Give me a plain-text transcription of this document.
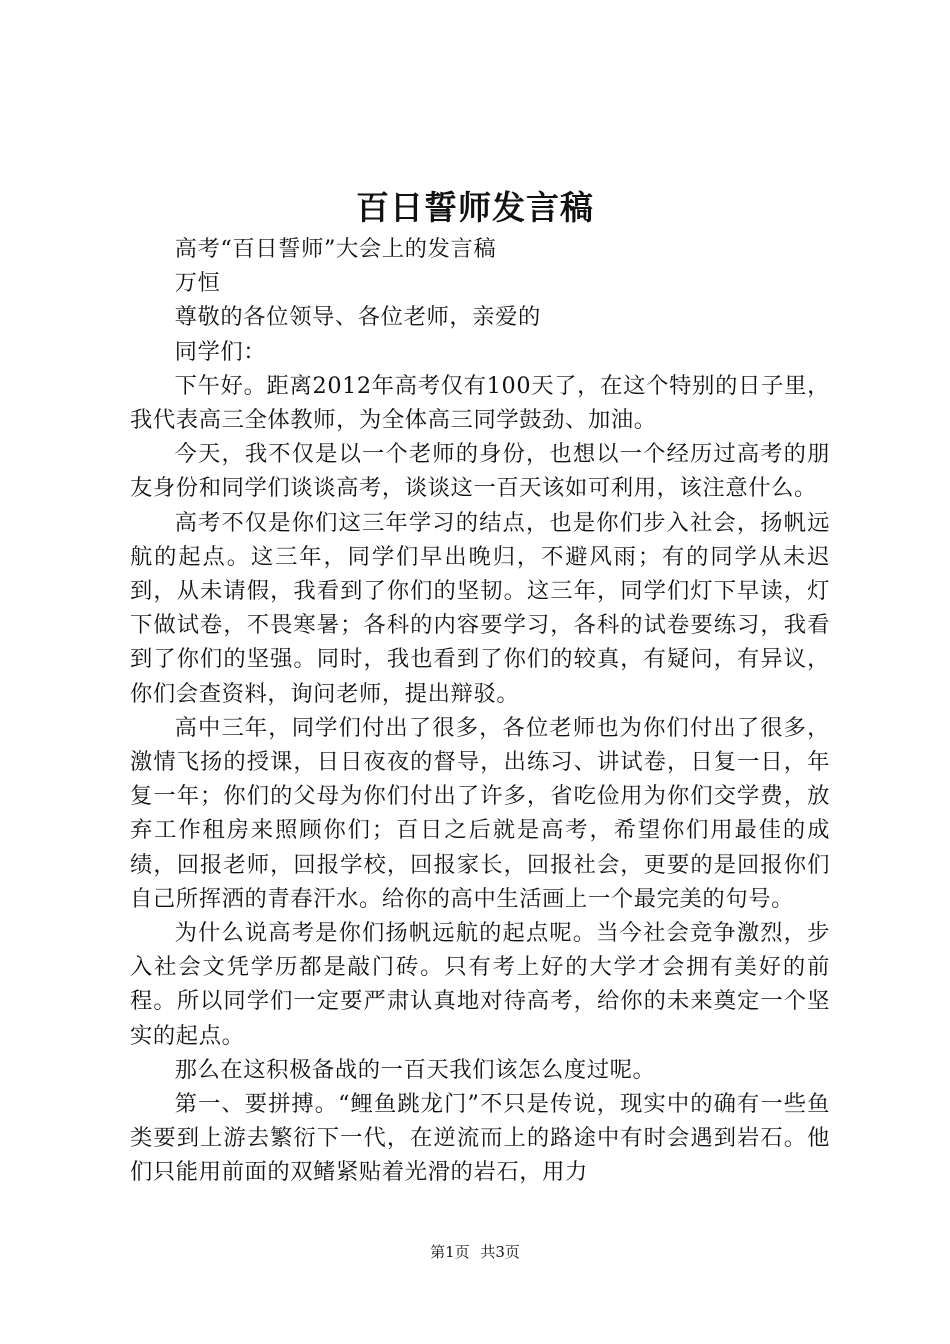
百日誓师发言稿

高考“百日誓师”大会上的发言稿

万恒

尊敬的各位领导、各位老师，亲爱的

同学们：

下午好。距离2012年高考仅有100天了，在这个特别的日子里，我代表高三全体教师，为全体高三同学鼓劲、加油。

今天，我不仅是以一个老师的身份，也想以一个经历过高考的朋友身份和同学们谈谈高考，谈谈这一百天该如可利用，该注意什么。

高考不仅是你们这三年学习的结点，也是你们步入社会，扬帆远航的起点。这三年，同学们早出晚归，不避风雨；有的同学从未迟到，从未请假，我看到了你们的坚韧。这三年，同学们灯下早读，灯下做试卷，不畏寒暑；各科的内容要学习，各科的试卷要练习，我看到了你们的坚强。同时，我也看到了你们的较真，有疑问，有异议，你们会查资料，询问老师，提出辩驳。

高中三年，同学们付出了很多，各位老师也为你们付出了很多，激情飞扬的授课，日日夜夜的督导，出练习、讲试卷，日复一日，年复一年；你们的父母为你们付出了许多，省吃俭用为你们交学费，放弃工作租房来照顾你们；百日之后就是高考，希望你们用最佳的成绩，回报老师，回报学校，回报家长，回报社会，更要的是回报你们自己所挥洒的青春汗水。给你的高中生活画上一个最完美的句号。

为什么说高考是你们扬帆远航的起点呢。当今社会竞争激烈，步入社会文凭学历都是敲门砖。只有考上好的大学才会拥有美好的前程。所以同学们一定要严肃认真地对待高考，给你的未来奠定一个坚实的起点。

那么在这积极备战的一百天我们该怎么度过呢。

第一、要拼搏。“鲤鱼跳龙门”不只是传说，现实中的确有一些鱼类要到上游去繁衍下一代，在逆流而上的路途中有时会遇到岩石。他们只能用前面的双鳍紧贴着光滑的岩石，用力

第1页 共3页
